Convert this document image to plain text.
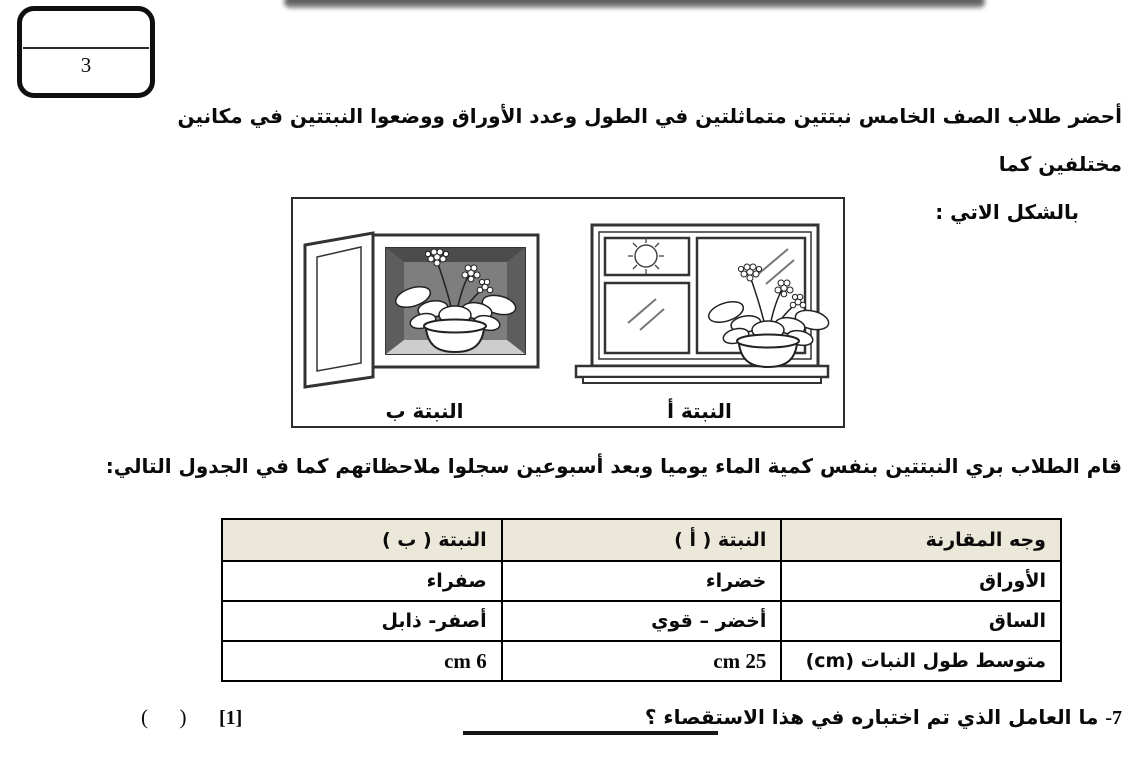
3
أحضر طلاب الصف الخامس نبتتين متماثلتين في الطول وعدد الأوراق ووضعوا النبتتين في مكانين مختلفين كما
بالشكل الاتي :
النبتة ب	النبتة أ
قام الطلاب بري النبتتين بنفس كمية الماء يوميا وبعد أسبوعين سجلوا ملاحظاتهم كما في الجدول التالي:
وجه المقارنة	النبتة ( أ )	النبتة ( ب )
الأوراق	خضراء	صفراء
الساق	أخضر – قوي	أصفر- ذابل
متوسط طول النبات (cm)	25 cm	6 cm
7- ما العامل الذي تم اختباره في هذا الاستقصاء ؟
[1]
(      )
